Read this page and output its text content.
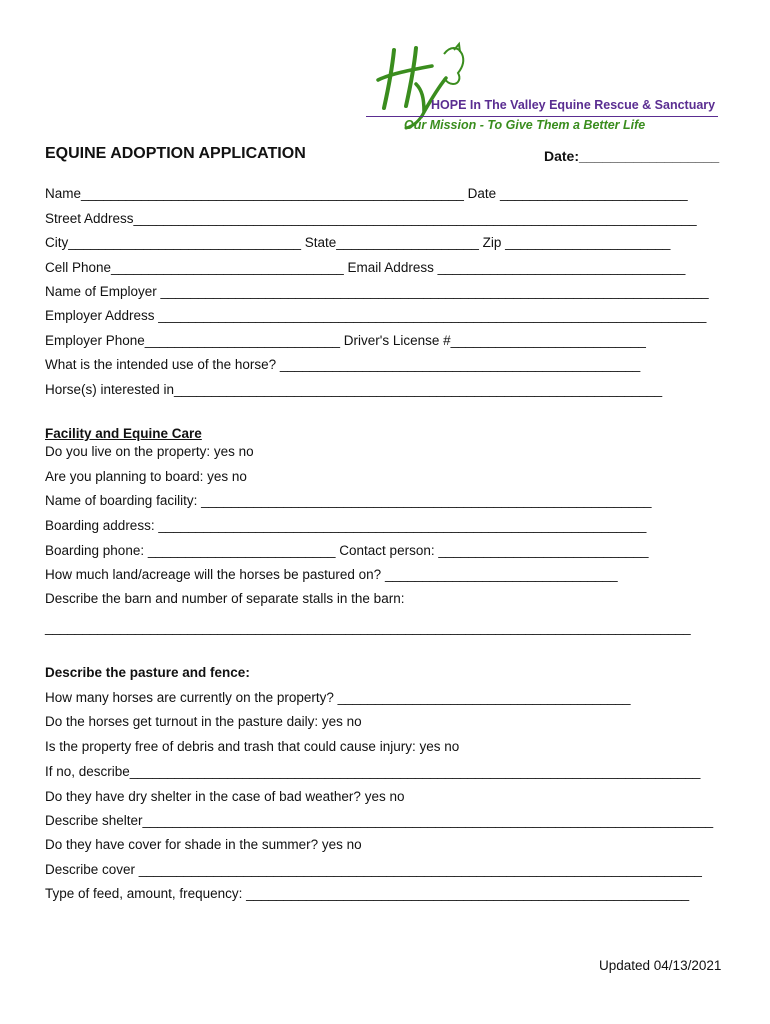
HOPE In The Valley Equine Rescue & Sanctuary
Our Mission - To Give Them a Better Life
EQUINE ADOPTION APPLICATION	Date:__________________
Name___________________________________________________ Date _________________________
Street Address___________________________________________________________________________
City_______________________________ State___________________ Zip ______________________
Cell Phone_______________________________ Email Address _________________________________
Name of Employer _________________________________________________________________________
Employer Address _________________________________________________________________________
Employer Phone__________________________ Driver's License #__________________________
What is the intended use of the horse? ________________________________________________
Horse(s) interested in_________________________________________________________________
Facility and Equine Care
Do you live on the property: yes no
Are you planning to board: yes no
Name of boarding facility: ____________________________________________________________
Boarding address: _________________________________________________________________
Boarding phone: _________________________ Contact person: ____________________________
How much land/acreage will the horses be pastured on? _______________________________
Describe the barn and number of separate stalls in the barn:
______________________________________________________________________________________
Describe the pasture and fence:
How many horses are currently on the property? _______________________________________
Do the horses get turnout in the pasture daily: yes no
Is the property free of debris and trash that could cause injury: yes no
If no, describe____________________________________________________________________________
Do they have dry shelter in the case of bad weather? yes no
Describe shelter____________________________________________________________________________
Do they have cover for shade in the summer? yes no
Describe cover ___________________________________________________________________________
Type of feed, amount, frequency: ___________________________________________________________
Updated 04/13/2021
